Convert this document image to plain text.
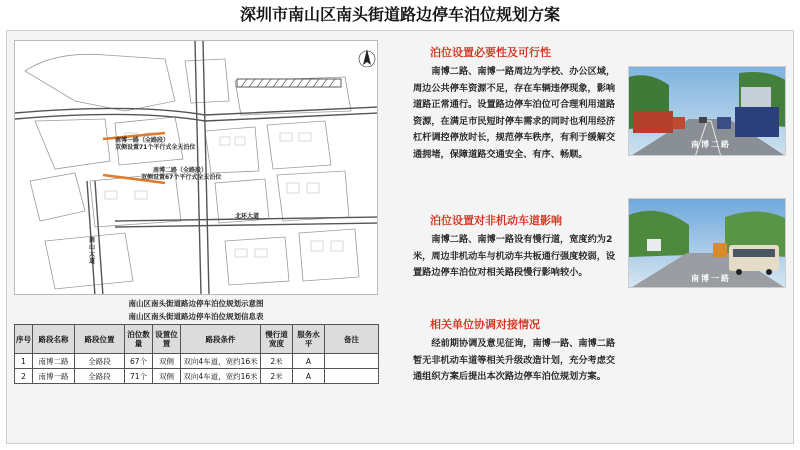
深圳市南山区南头街道路边停车泊位规划方案
南博一路（全路段）
双侧设置71个平行式全天泊位
南博二路（全路段）
双侧设置67个平行式全天泊位
北环大道
南
山
大
道
南山区南头街道路边停车泊位规划示意图
南山区南头街道路边停车泊位规划信息表
序号	路段名称	路段位置	泊位数量	设置位置	路段条件	慢行道宽度	服务水平	备注
1	南博二路	全路段	67个	双侧	双向4车道，宽约16米	2米	A	
2	南博一路	全路段	71个	双侧	双向4车道，宽约16米	2米	A	
泊位设置必要性及可行性
南博二路、南博一路周边为学校、办公区域，周边公共停车资源不足，存在车辆违停现象，影响道路正常通行。设置路边停车泊位可合理利用道路资源，在满足市民短时停车需求的同时也利用经济杠杆调控停放时长，规范停车秩序，有利于缓解交通拥堵，保障道路交通安全、有序、畅顺。
泊位设置对非机动车道影响
南博二路、南博一路设有慢行道，宽度约为2米，周边非机动车与机动车共板通行强度较弱，设置路边停车泊位对相关路段慢行影响较小。
相关单位协调对接情况
经前期协调及意见征询，南博一路、南博二路暂无非机动车道等相关升级改造计划，充分考虑交通组织方案后提出本次路边停车泊位规划方案。
南博二路
南博一路
